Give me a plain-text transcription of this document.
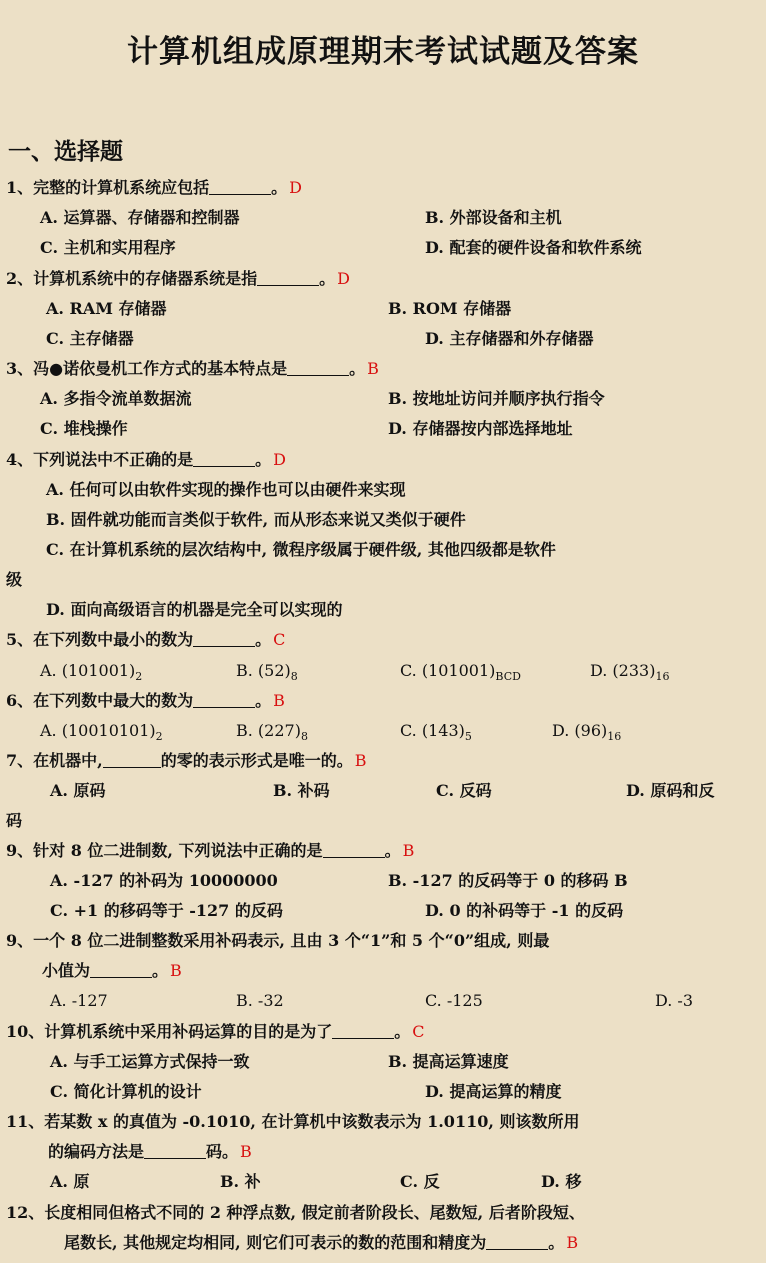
计算机组成原理期末考试试题及答案
一、选择题
1、完整的计算机系统应包括	。 D
A. 运算器、存储器和控制器	B. 外部设备和主机
C. 主机和实用程序	D. 配套的硬件设备和软件系统
2、计算机系统中的存储器系统是指	。 D
A. RAM 存储器	B. ROM 存储器
C. 主存储器	D. 主存储器和外存储器
3、冯●诺依曼机工作方式的基本特点是	。 B
A. 多指令流单数据流	B. 按地址访问并顺序执行指令
C. 堆栈操作	D. 存储器按内部选择地址
4、下列说法中不正确的是	。 D
A. 任何可以由软件实现的操作也可以由硬件来实现
B. 固件就功能而言类似于软件, 而从形态来说又类似于硬件
C. 在计算机系统的层次结构中, 微程序级属于硬件级, 其他四级都是软件
级
D. 面向高级语言的机器是完全可以实现的
5、在下列数中最小的数为	。 C
A. $(101001)_2$	B. $(52)_8$	C. $(101001)_{BCD}$	D. $(233)_{16}$
6、在下列数中最大的数为	。 B
A. $(10010101)_2$	B. $(227)_8$	C. $(143)_5$	D. $(96)_{16}$
7、在机器中,	的零的表示形式是唯一的。 B
A. 原码	B. 补码	C. 反码	D. 原码和反
码
9、针对 8 位二进制数, 下列说法中正确的是	。 B
A. -127 的补码为 10000000	B. -127 的反码等于 0 的移码 B
C. +1 的移码等于 -127 的反码	D. 0 的补码等于 -1 的反码
9、一个 8 位二进制整数采用补码表示, 且由 3 个“1”和 5 个“0”组成, 则最
小值为	。 B
A. -127	B. -32	C. -125	D. -3
10、计算机系统中采用补码运算的目的是为了	。 C
A. 与手工运算方式保持一致	B. 提高运算速度
C. 简化计算机的设计	D. 提高运算的精度
11、若某数 x 的真值为 -0.1010, 在计算机中该数表示为 1.0110, 则该数所用
的编码方法是	码。 B
A. 原	B. 补	C. 反	D. 移
12、长度相同但格式不同的 2 种浮点数, 假定前者阶段长、尾数短, 后者阶段短、
尾数长, 其他规定均相同, 则它们可表示的数的范围和精度为	。 B
